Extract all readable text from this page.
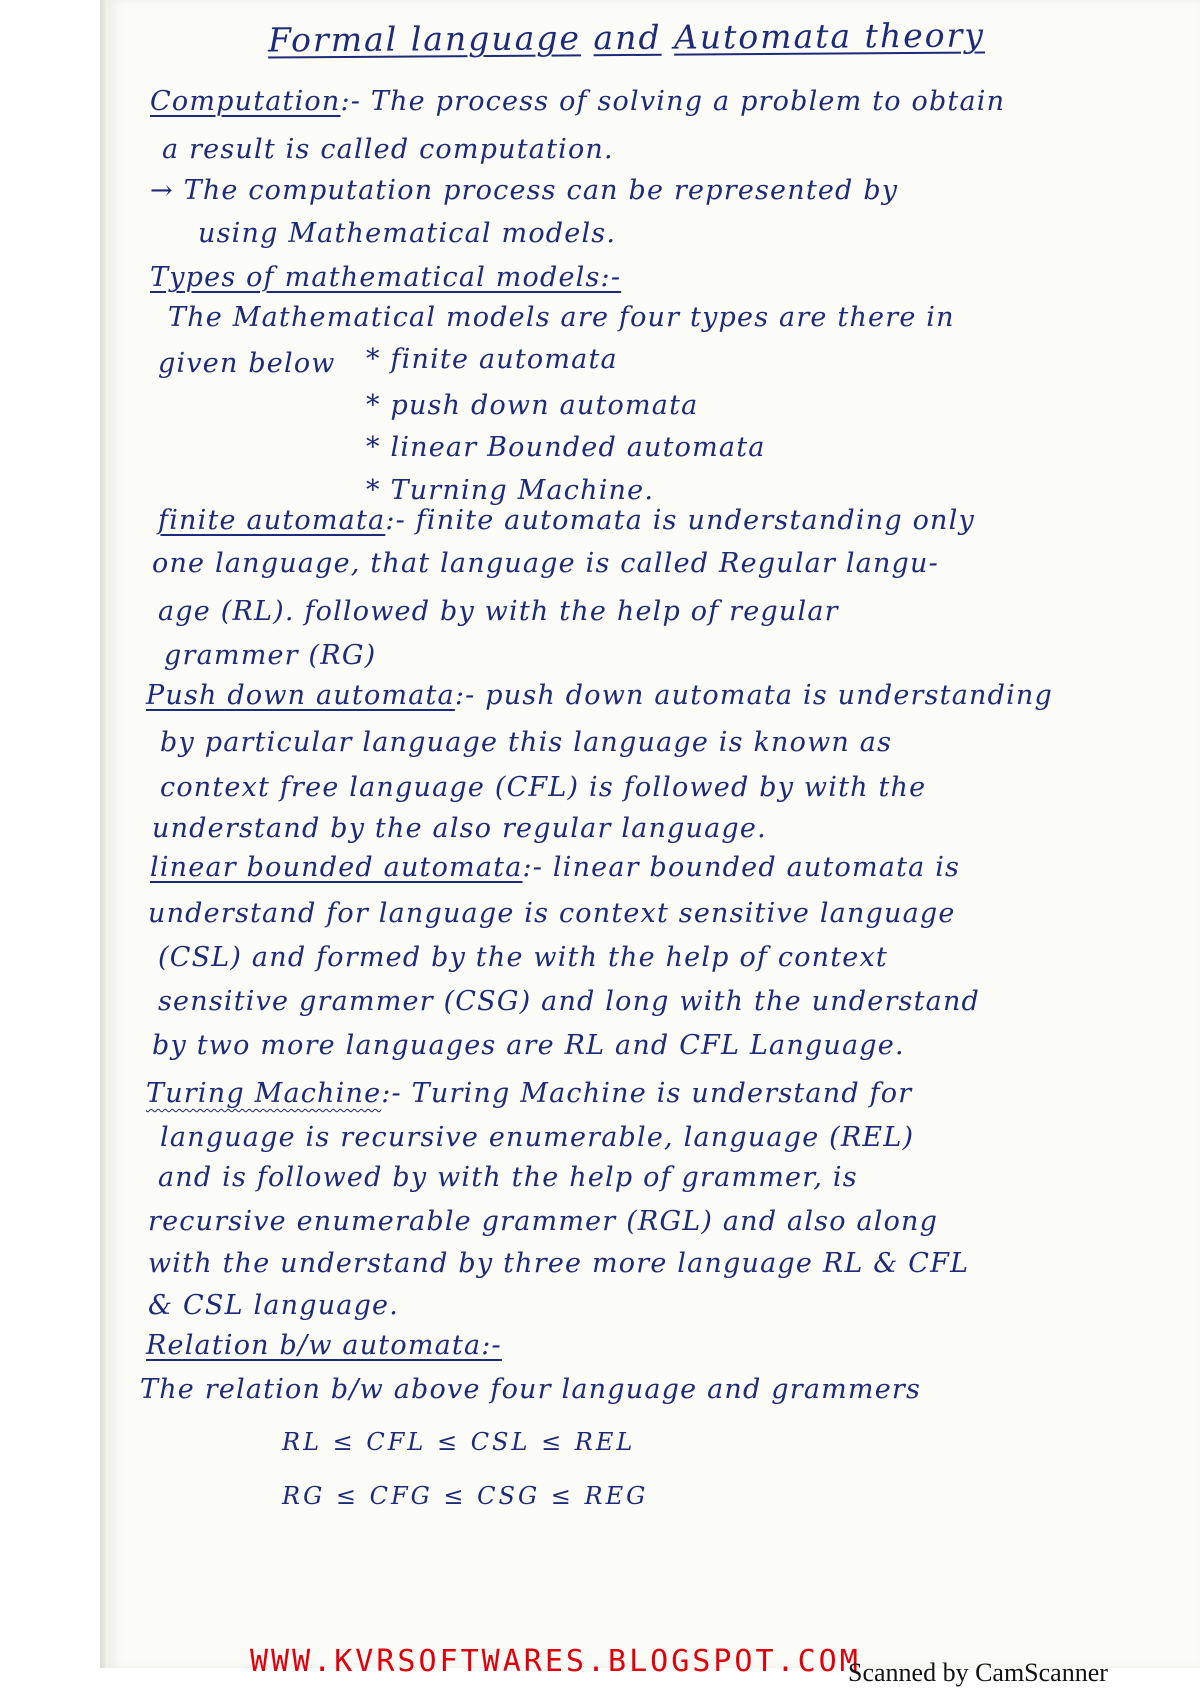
Formal language and Automata theory
Computation:- The process of solving a problem to obtain
a result is called computation.
→ The computation process can be represented by
using Mathematical models.
Types of mathematical models:-
The Mathematical models are four types are there in
given below * finite automata
* push down automata
* linear Bounded automata
* Turning Machine.
finite automata:- finite automata is understanding only
one language, that language is called Regular langu-
age (RL). followed by with the help of regular
grammer (RG)
Push down automata:- push down automata is understanding
by particular language this language is known as
context free language (CFL) is followed by with the
understand by the also regular language.
linear bounded automata:- linear bounded automata is
understand for language is context sensitive language
(CSL) and formed by the with the help of context
sensitive grammer (CSG) and long with the understand
by two more languages are RL and CFL Language.
Turing Machine:- Turing Machine is understand for
language is recursive enumerable, language (REL)
and is followed by with the help of grammer, is
recursive enumerable grammer (RGL) and also along
with the understand by three more language RL & CFL
& CSL language.
Relation b/w automata:-
The relation b/w above four language and grammers
RL ≤ CFL ≤ CSL ≤ REL
RG ≤ CFG ≤ CSG ≤ REG
WWW.KVRSOFTWARES.BLOGSPOT.COM
Scanned by CamScanner
